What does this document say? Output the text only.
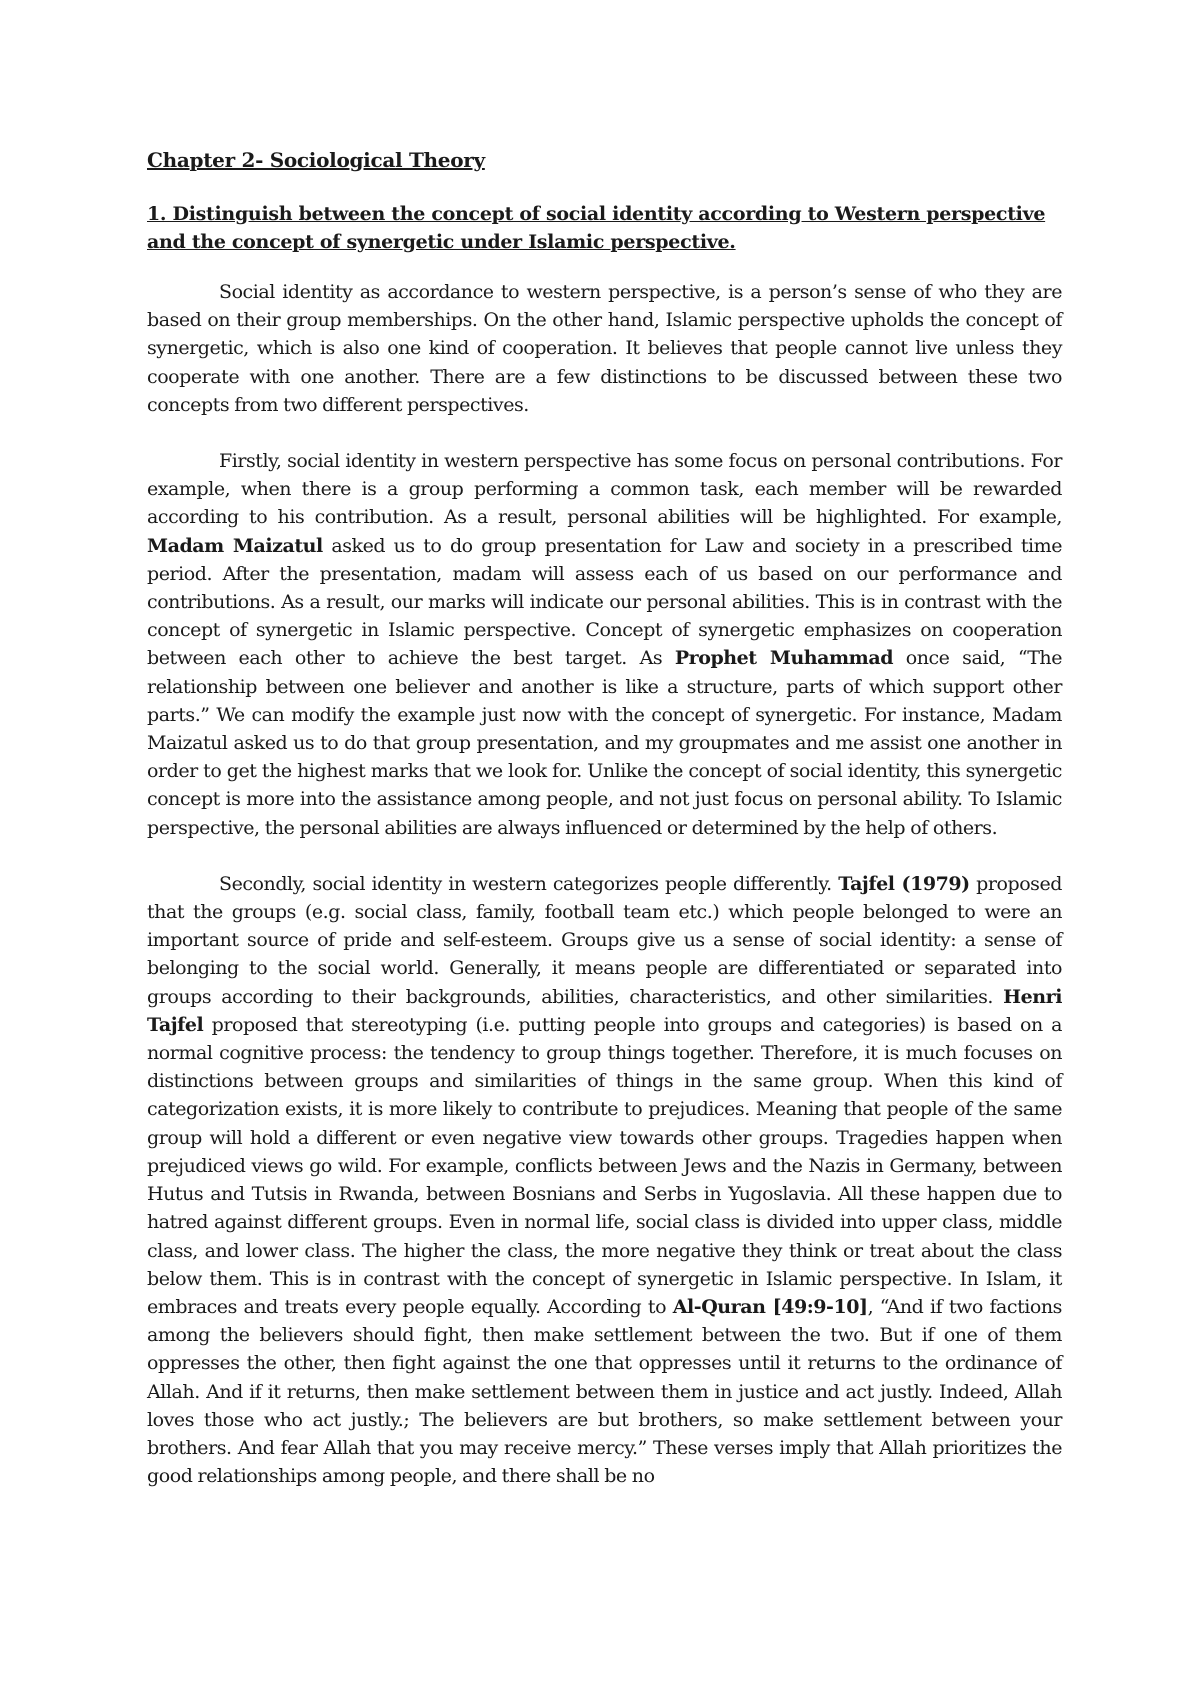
Chapter 2- Sociological Theory
1. Distinguish between the concept of social identity according to Western perspective and the concept of synergetic under Islamic perspective.

Social identity as accordance to western perspective, is a person’s sense of who they are based on their group memberships. On the other hand, Islamic perspective upholds the concept of synergetic, which is also one kind of cooperation. It believes that people cannot live unless they cooperate with one another. There are a few distinctions to be discussed between these two concepts from two different perspectives.

Firstly, social identity in western perspective has some focus on personal contributions. For example, when there is a group performing a common task, each member will be rewarded according to his contribution. As a result, personal abilities will be highlighted. For example, Madam Maizatul asked us to do group presentation for Law and society in a prescribed time period. After the presentation, madam will assess each of us based on our performance and contributions. As a result, our marks will indicate our personal abilities. This is in contrast with the concept of synergetic in Islamic perspective. Concept of synergetic emphasizes on cooperation between each other to achieve the best target. As Prophet Muhammad once said, “The relationship between one believer and another is like a structure, parts of which support other parts.” We can modify the example just now with the concept of synergetic. For instance, Madam Maizatul asked us to do that group presentation, and my groupmates and me assist one another in order to get the highest marks that we look for. Unlike the concept of social identity, this synergetic concept is more into the assistance among people, and not just focus on personal ability. To Islamic perspective, the personal abilities are always influenced or determined by the help of others.

Secondly, social identity in western categorizes people differently. Tajfel (1979) proposed that the groups (e.g. social class, family, football team etc.) which people belonged to were an important source of pride and self-esteem. Groups give us a sense of social identity: a sense of belonging to the social world. Generally, it means people are differentiated or separated into groups according to their backgrounds, abilities, characteristics, and other similarities. Henri Tajfel proposed that stereotyping (i.e. putting people into groups and categories) is based on a normal cognitive process: the tendency to group things together. Therefore, it is much focuses on distinctions between groups and similarities of things in the same group. When this kind of categorization exists, it is more likely to contribute to prejudices. Meaning that people of the same group will hold a different or even negative view towards other groups. Tragedies happen when prejudiced views go wild. For example, conflicts between Jews and the Nazis in Germany, between Hutus and Tutsis in Rwanda, between Bosnians and Serbs in Yugoslavia. All these happen due to hatred against different groups. Even in normal life, social class is divided into upper class, middle class, and lower class. The higher the class, the more negative they think or treat about the class below them. This is in contrast with the concept of synergetic in Islamic perspective. In Islam, it embraces and treats every people equally. According to Al-Quran [49:9-10], “And if two factions among the believers should fight, then make settlement between the two. But if one of them oppresses the other, then fight against the one that oppresses until it returns to the ordinance of Allah. And if it returns, then make settlement between them in justice and act justly. Indeed, Allah loves those who act justly.; The believers are but brothers, so make settlement between your brothers. And fear Allah that you may receive mercy.” These verses imply that Allah prioritizes the good relationships among people, and there shall be no
